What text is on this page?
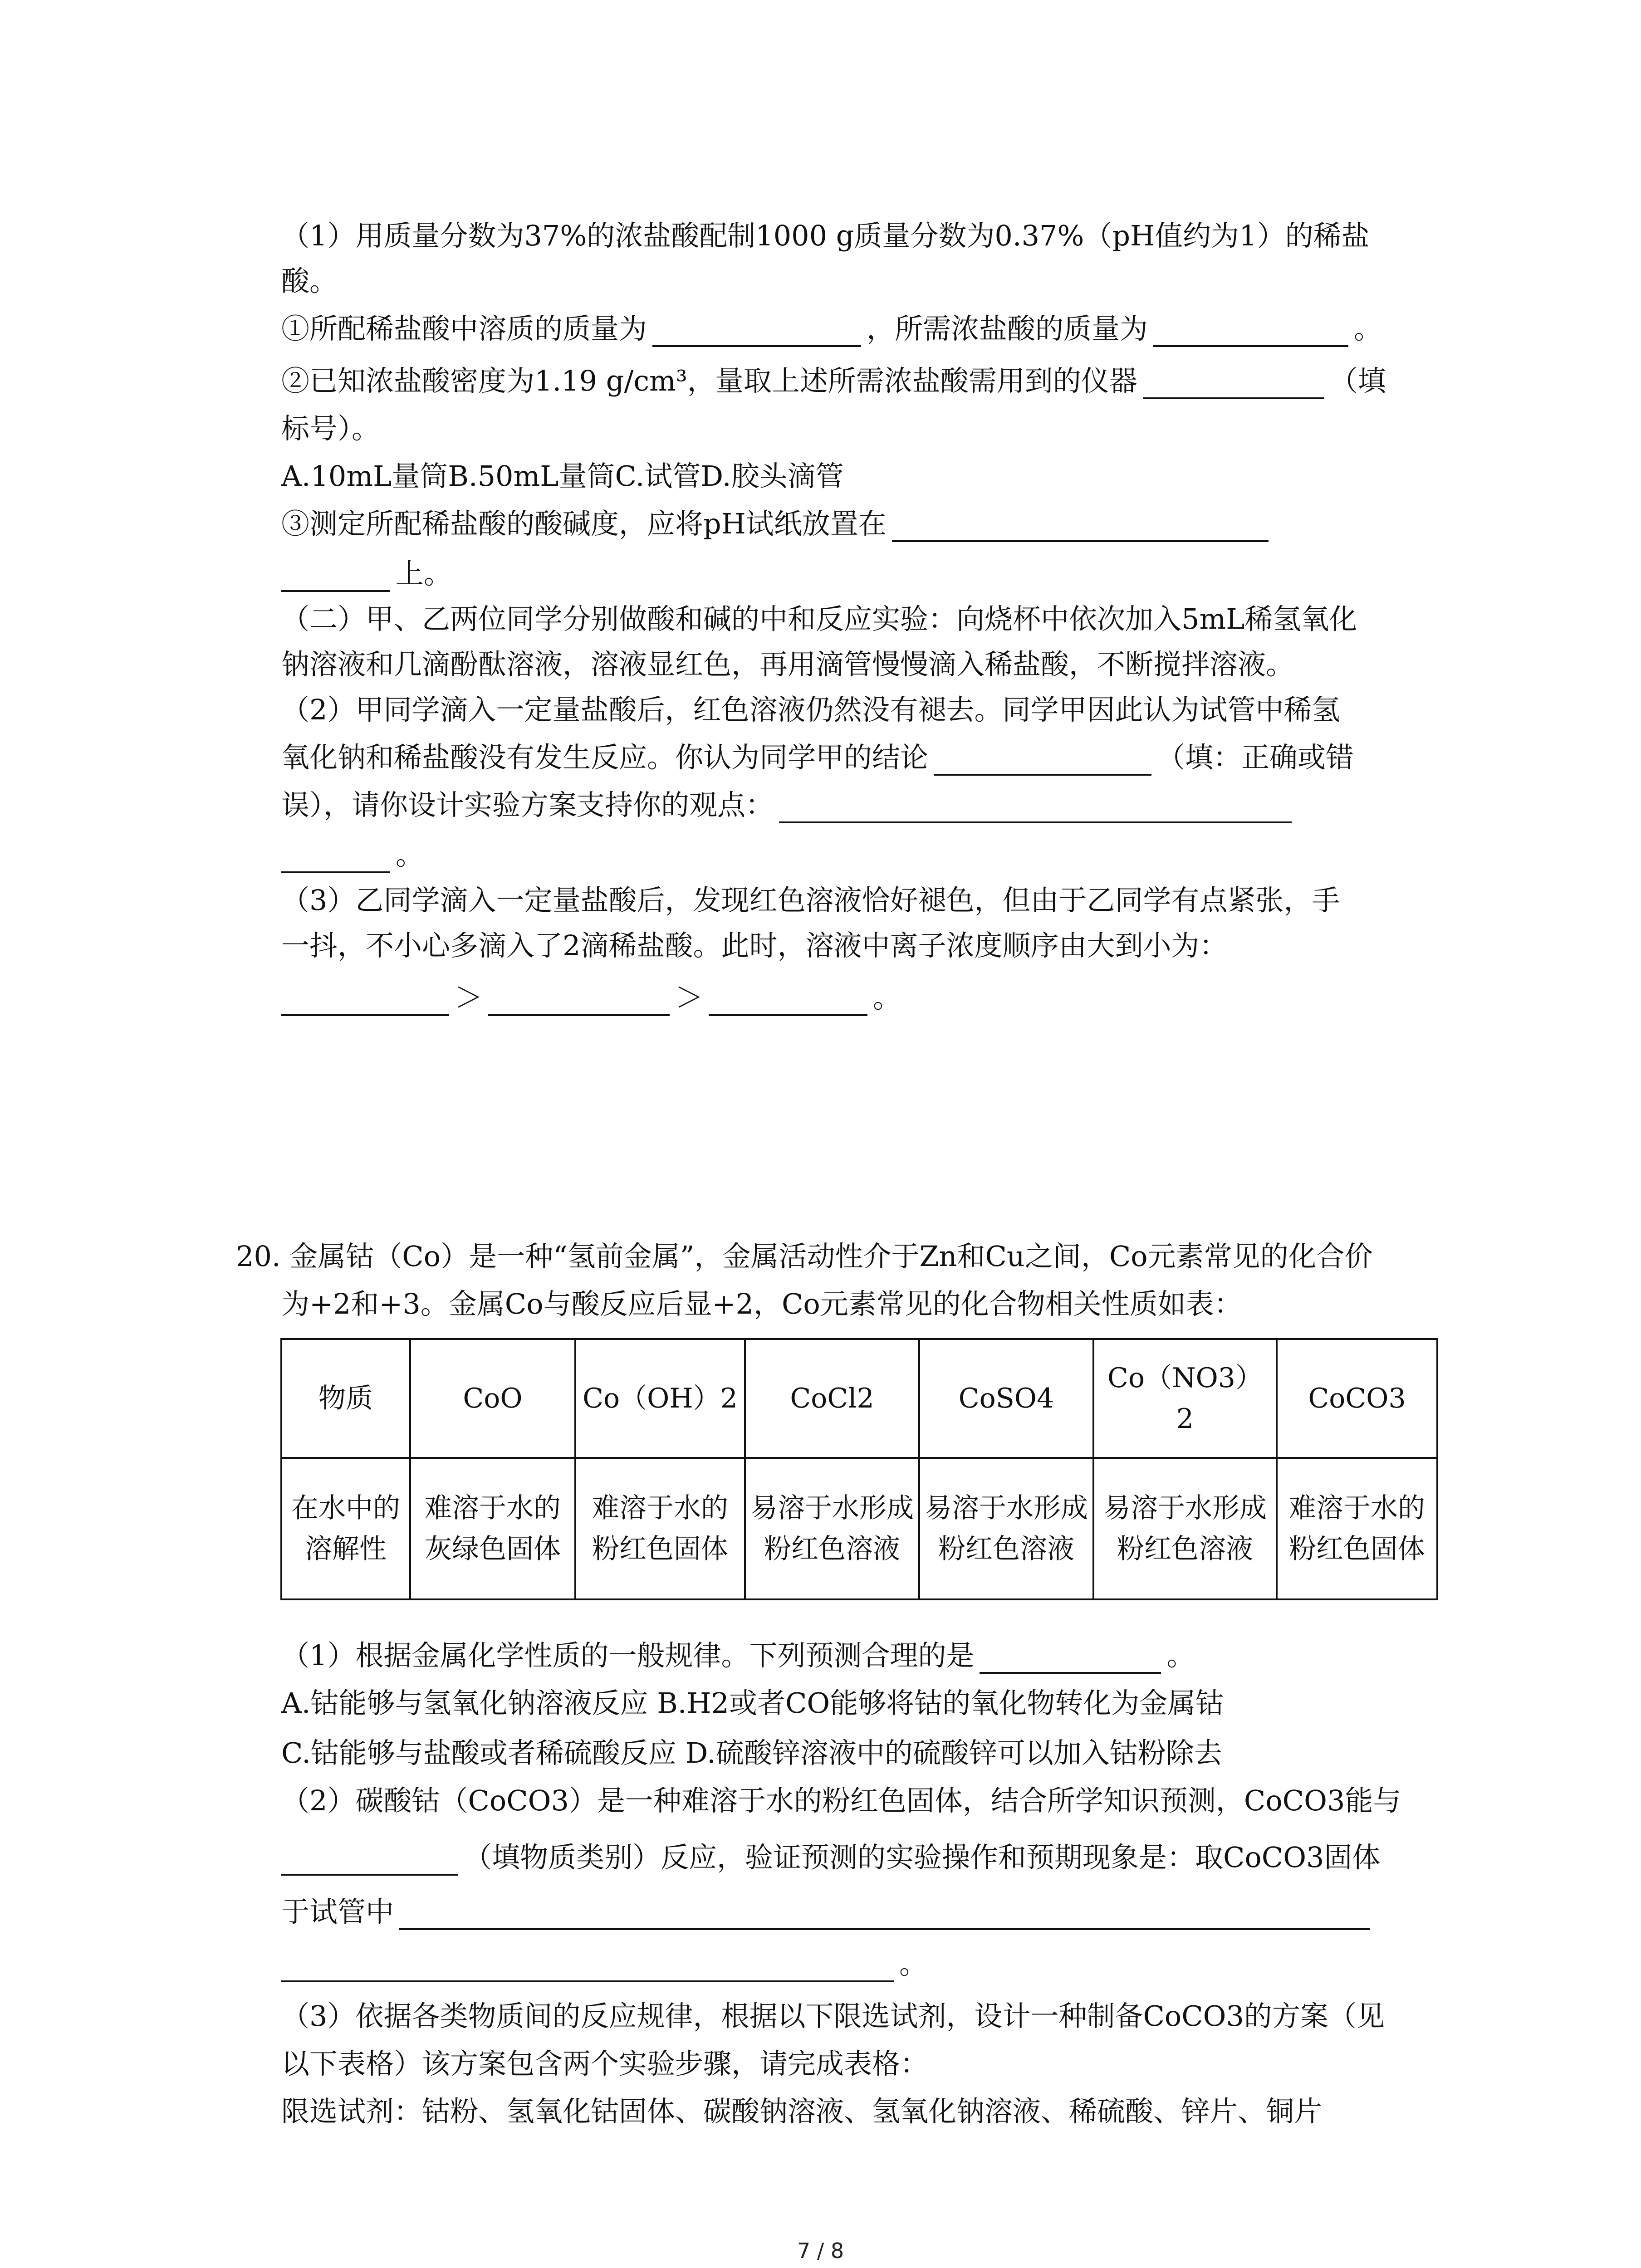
（1）用质量分数为37%的浓盐酸配制1000 g质量分数为0.37%（pH值约为1）的稀盐
酸。
①所配稀盐酸中溶质的质量为	，所需浓盐酸的质量为	。
②已知浓盐酸密度为1.19 g/cm³，量取上述所需浓盐酸需用到的仪器	（填
标号）。
A.10mL量筒B.50mL量筒C.试管D.胶头滴管
③测定所配稀盐酸的酸碱度，应将pH试纸放置在
上。
（二）甲、乙两位同学分别做酸和碱的中和反应实验：向烧杯中依次加入5mL稀氢氧化
钠溶液和几滴酚酞溶液，溶液显红色，再用滴管慢慢滴入稀盐酸，不断搅拌溶液。
（2）甲同学滴入一定量盐酸后，红色溶液仍然没有褪去。同学甲因此认为试管中稀氢
氧化钠和稀盐酸没有发生反应。你认为同学甲的结论	（填：正确或错
误），请你设计实验方案支持你的观点：
。
（3）乙同学滴入一定量盐酸后，发现红色溶液恰好褪色，但由于乙同学有点紧张，手
一抖，不小心多滴入了2滴稀盐酸。此时，溶液中离子浓度顺序由大到小为：
＞	＞	。
20. 金属钴（Co）是一种“氢前金属”，金属活动性介于Zn和Cu之间，Co元素常见的化合价
为+2和+3。金属Co与酸反应后显+2，Co元素常见的化合物相关性质如表：
物质	CoO	Co（OH）2	CoCl2	CoSO4	Co（NO3）2	CoCO3
在水中的溶解性	难溶于水的灰绿色固体	难溶于水的粉红色固体	易溶于水形成粉红色溶液	易溶于水形成粉红色溶液	易溶于水形成粉红色溶液	难溶于水的粉红色固体
（1）根据金属化学性质的一般规律。下列预测合理的是	。
A.钴能够与氢氧化钠溶液反应 B.H2或者CO能够将钴的氧化物转化为金属钴
C.钴能够与盐酸或者稀硫酸反应 D.硫酸锌溶液中的硫酸锌可以加入钴粉除去
（2）碳酸钴（CoCO3）是一种难溶于水的粉红色固体，结合所学知识预测，CoCO3能与
（填物质类别）反应，验证预测的实验操作和预期现象是：取CoCO3固体
于试管中
。
（3）依据各类物质间的反应规律，根据以下限选试剂，设计一种制备CoCO3的方案（见
以下表格）该方案包含两个实验步骤，请完成表格：
限选试剂：钴粉、氢氧化钴固体、碳酸钠溶液、氢氧化钠溶液、稀硫酸、锌片、铜片
7 / 8
